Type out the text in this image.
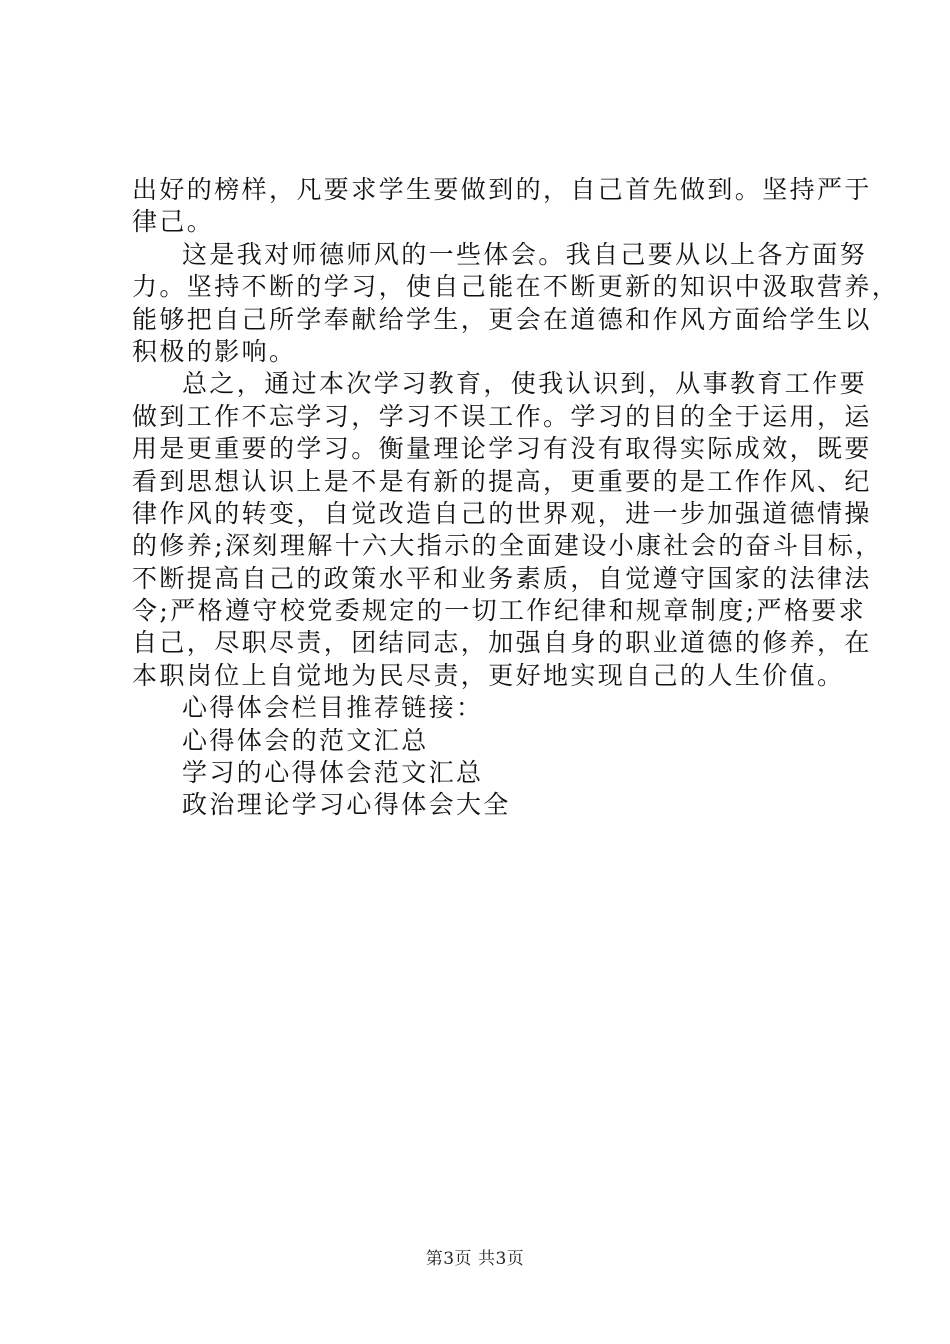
出好的榜样，凡要求学生要做到的，自己首先做到。坚持严于
律己。
这是我对师德师风的一些体会。我自己要从以上各方面努
力。坚持不断的学习，使自己能在不断更新的知识中汲取营养，
能够把自己所学奉献给学生，更会在道德和作风方面给学生以
积极的影响。
总之，通过本次学习教育，使我认识到，从事教育工作要
做到工作不忘学习，学习不误工作。学习的目的全于运用，运
用是更重要的学习。衡量理论学习有没有取得实际成效，既要
看到思想认识上是不是有新的提高，更重要的是工作作风、纪
律作风的转变，自觉改造自己的世界观，进一步加强道德情操
的修养;深刻理解十六大指示的全面建设小康社会的奋斗目标，
不断提高自己的政策水平和业务素质，自觉遵守国家的法律法
令;严格遵守校党委规定的一切工作纪律和规章制度;严格要求
自己，尽职尽责，团结同志，加强自身的职业道德的修养，在
本职岗位上自觉地为民尽责，更好地实现自己的人生价值。
心得体会栏目推荐链接：
心得体会的范文汇总
学习的心得体会范文汇总
政治理论学习心得体会大全
第3页 共3页
